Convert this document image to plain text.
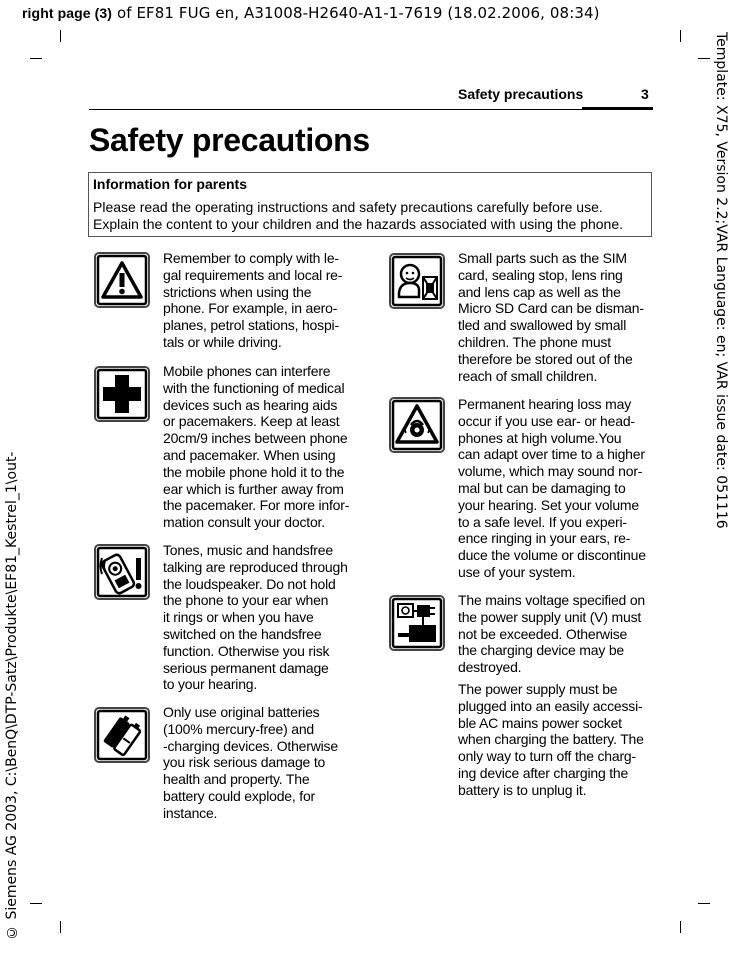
right page (3) of EF81 FUG en, A31008-H2640-A1-1-7619 (18.02.2006, 08:34)
Template: X75, Version 2.2;VAR Language: en; VAR issue date: 051116
© Siemens AG 2003, C:\BenQ\DTP-Satz\Produkte\EF81_Kestrel_1\out-
Safety precautions	3
Safety precautions
Information for parents
Please read the operating instructions and safety precautions carefully before use. Explain the content to your children and the hazards associated with using the phone.
Remember to comply with le-
gal requirements and local re-
strictions when using the
phone. For example, in aero-
planes, petrol stations, hospi-
tals or while driving.
Mobile phones can interfere
with the functioning of medical
devices such as hearing aids
or pacemakers. Keep at least
20cm/9 inches between phone
and pacemaker. When using
the mobile phone hold it to the
ear which is further away from
the pacemaker. For more infor-
mation consult your doctor.
Tones, music and handsfree
talking are reproduced through
the loudspeaker. Do not hold
the phone to your ear when
it rings or when you have
switched on the handsfree
function. Otherwise you risk
serious permanent damage
to your hearing.
Only use original batteries
(100% mercury-free) and
-charging devices. Otherwise
you risk serious damage to
health and property. The
battery could explode, for
instance.
Small parts such as the SIM
card, sealing stop, lens ring
and lens cap as well as the
Micro SD Card can be disman-
tled and swallowed by small
children. The phone must
therefore be stored out of the
reach of small children.
Permanent hearing loss may
occur if you use ear- or head-
phones at high volume.You
can adapt over time to a higher
volume, which may sound nor-
mal but can be damaging to
your hearing. Set your volume
to a safe level. If you experi-
ence ringing in your ears, re-
duce the volume or discontinue
use of your system.
The mains voltage specified on
the power supply unit (V) must
not be exceeded. Otherwise
the charging device may be
destroyed.
The power supply must be
plugged into an easily accessi-
ble AC mains power socket
when charging the battery. The
only way to turn off the charg-
ing device after charging the
battery is to unplug it.
